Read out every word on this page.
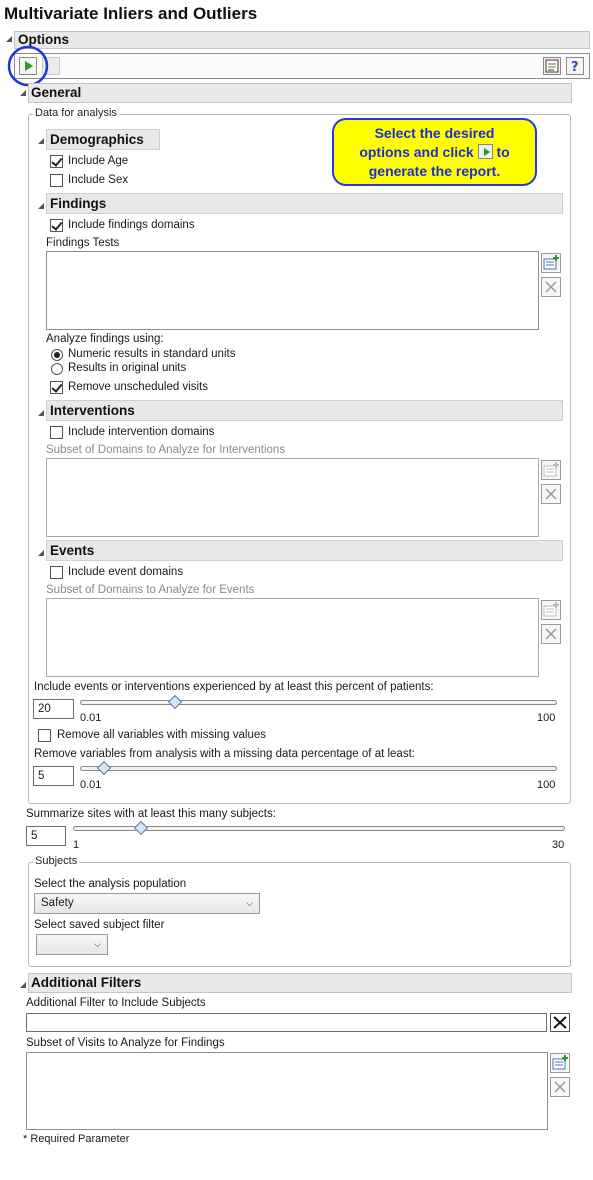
Multivariate Inliers and Outliers
Options
?
General
Data for analysis
Select the desired
options and click to
generate the report.
Demographics
Include Age
Include Sex
Findings
Include findings domains
Findings Tests
Analyze findings using:
Numeric results in standard units
Results in original units
Remove unscheduled visits
Interventions
Include intervention domains
Subset of Domains to Analyze for Interventions
Events
Include event domains
Subset of Domains to Analyze for Events
Include events or interventions experienced by at least this percent of patients:
20
0.01	100
Remove all variables with missing values
Remove variables from analysis with a missing data percentage of at least:
5
0.01	100
Summarize sites with at least this many subjects:
5
1	30
Subjects
Select the analysis population
Safety	⌵
Select saved subject filter
⌵
Additional Filters
Additional Filter to Include Subjects
Subset of Visits to Analyze for Findings
* Required Parameter
